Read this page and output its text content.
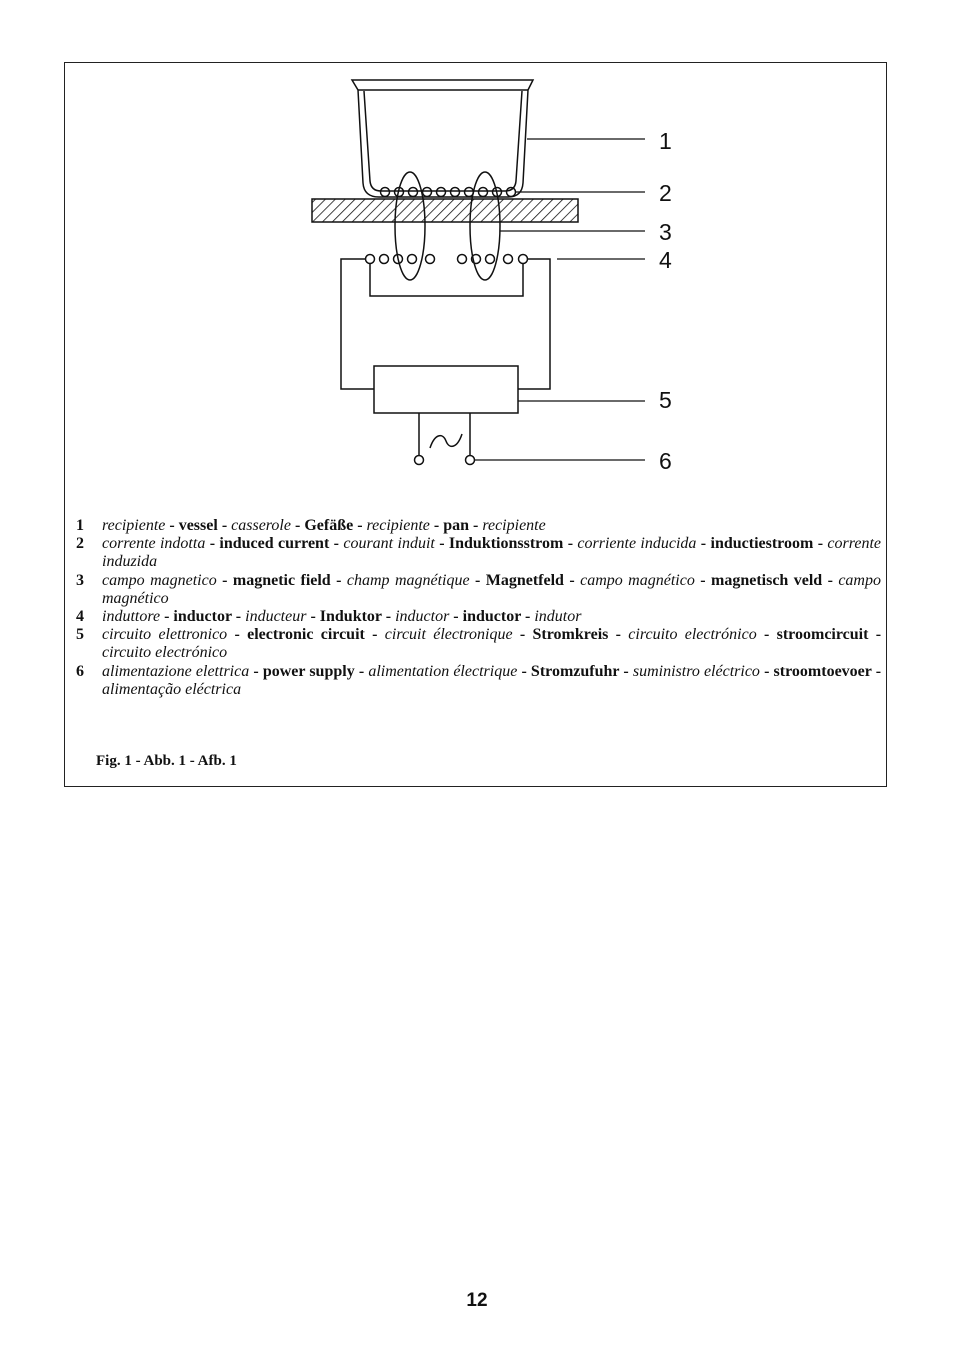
1
2
3
4
5
6
~
1 recipiente - vessel - casserole - Gefäße - recipiente - pan - recipiente
2 corrente indotta - induced current - courant induit - Induktionsstrom - corriente inducida - inductiestroom - corrente induzida
3 campo magnetico - magnetic field - champ magnétique - Magnetfeld - campo magnético - magnetisch veld - campo magnético
4 induttore - inductor - inducteur - Induktor - inductor - inductor - indutor
5 circuito elettronico - electronic circuit - circuit électronique - Stromkreis - circuito electrónico - stroomcircuit - circuito electrónico
6 alimentazione elettrica - power supply - alimentation électrique - Stromzufuhr - suministro eléctrico - stroomtoevoer - alimentação eléctrica
Fig. 1 - Abb. 1 - Afb. 1
12
